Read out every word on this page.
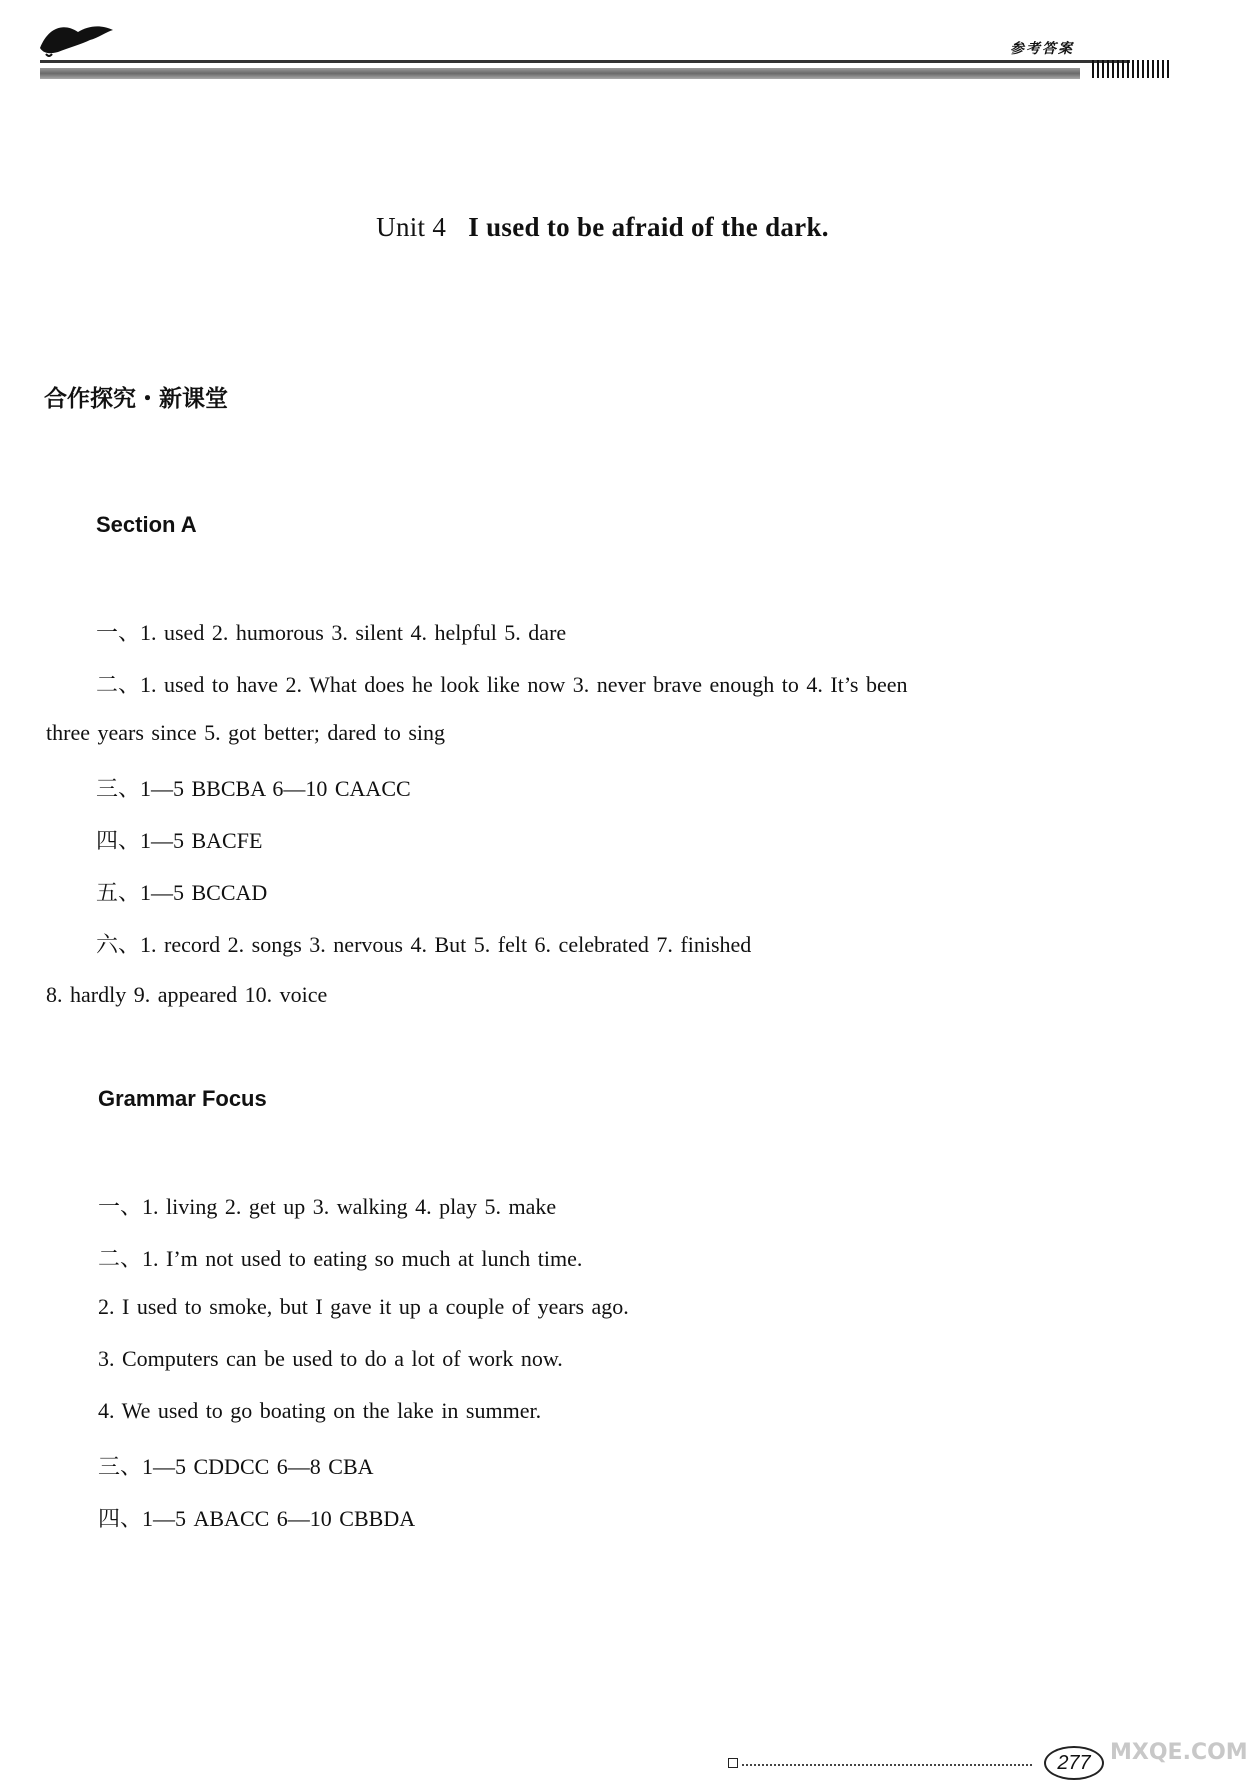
参考答案
Unit 4 I used to be afraid of the dark.
合作探究・新课堂
Section A
一、1. used 2. humorous 3. silent 4. helpful 5. dare
二、1. used to have 2. What does he look like now 3. never brave enough to 4. It’s been
three years since 5. got better; dared to sing
三、1—5 BBCBA 6—10 CAACC
四、1—5 BACFE
五、1—5 BCCAD
六、1. record 2. songs 3. nervous 4. But 5. felt 6. celebrated 7. finished
8. hardly 9. appeared 10. voice
Grammar Focus
一、1. living 2. get up 3. walking 4. play 5. make
二、1. I’m not used to eating so much at lunch time.
2. I used to smoke, but I gave it up a couple of years ago.
3. Computers can be used to do a lot of work now.
4. We used to go boating on the lake in summer.
三、1—5 CDDCC 6—8 CBA
四、1—5 ABACC 6—10 CBBDA
277 MXQE.COM
